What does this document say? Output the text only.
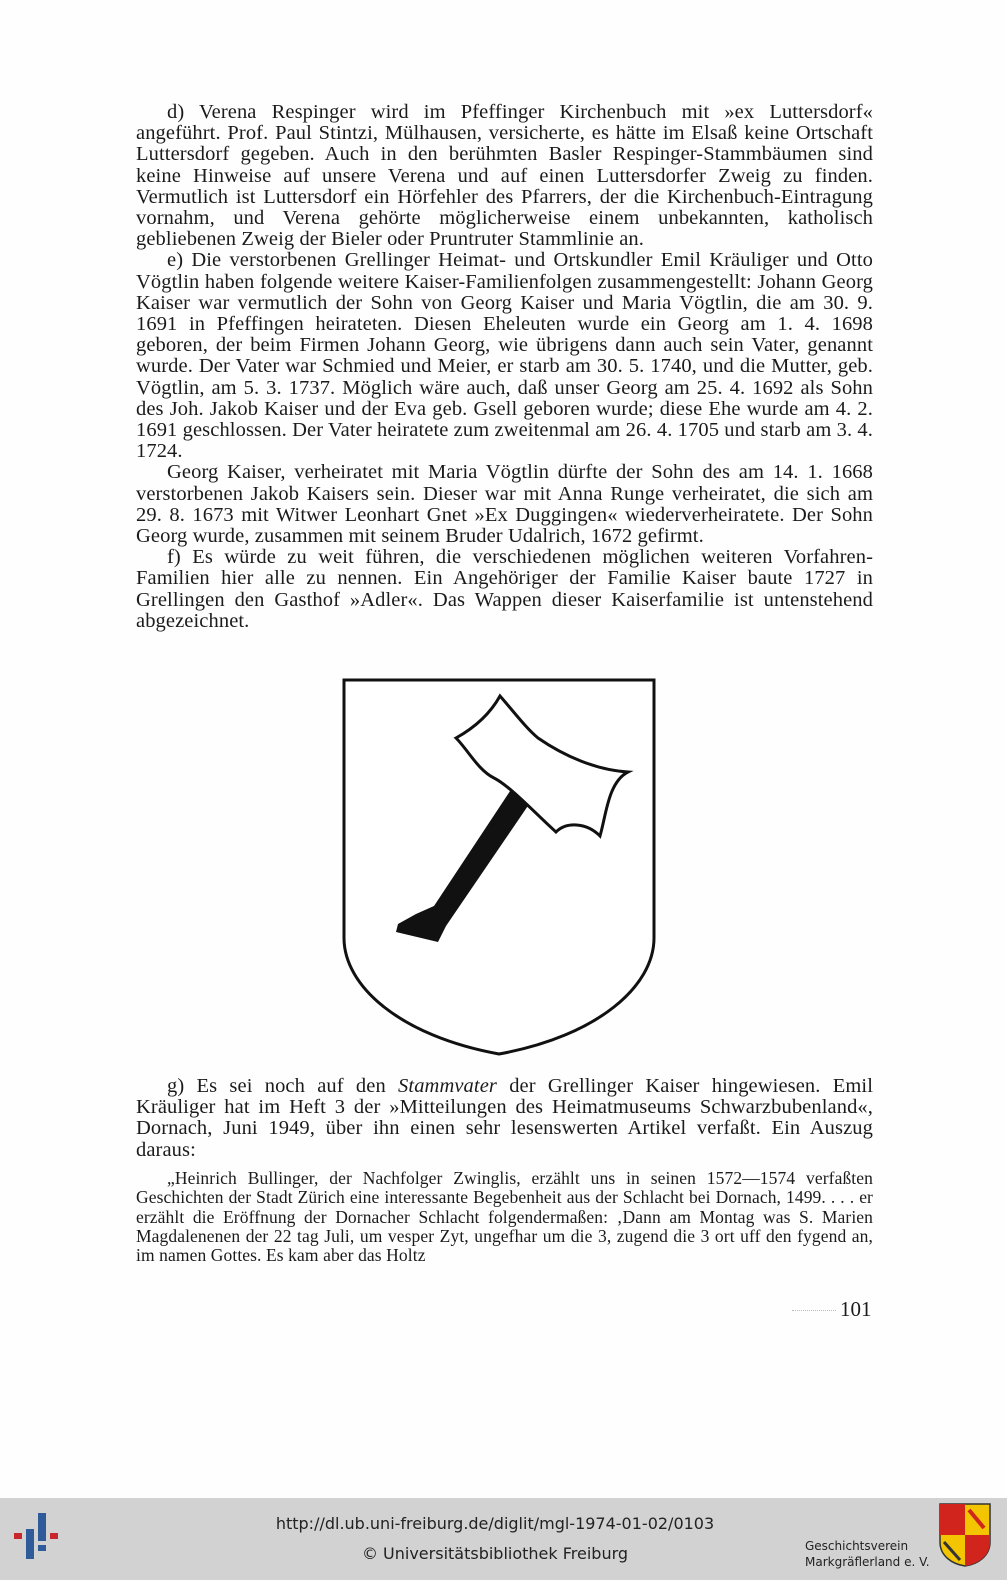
d) Verena Respinger wird im Pfeffinger Kirchenbuch mit »ex Luttersdorf« angeführt. Prof. Paul Stintzi, Mülhausen, versicherte, es hätte im Elsaß keine Ortschaft Luttersdorf gegeben. Auch in den berühmten Basler Respinger-Stammbäumen sind keine Hinweise auf unsere Verena und auf einen Luttersdorfer Zweig zu finden. Vermutlich ist Luttersdorf ein Hörfehler des Pfarrers, der die Kirchenbuch-Eintragung vornahm, und Verena gehörte möglicherweise einem unbekannten, katholisch gebliebenen Zweig der Bieler oder Pruntruter Stammlinie an.

e) Die verstorbenen Grellinger Heimat- und Ortskundler Emil Kräuliger und Otto Vögtlin haben folgende weitere Kaiser-Familienfolgen zusammengestellt: Johann Georg Kaiser war vermutlich der Sohn von Georg Kaiser und Maria Vögtlin, die am 30. 9. 1691 in Pfeffingen heirateten. Diesen Eheleuten wurde ein Georg am 1. 4. 1698 geboren, der beim Firmen Johann Georg, wie übrigens dann auch sein Vater, genannt wurde. Der Vater war Schmied und Meier, er starb am 30. 5. 1740, und die Mutter, geb. Vögtlin, am 5. 3. 1737. Möglich wäre auch, daß unser Georg am 25. 4. 1692 als Sohn des Joh. Jakob Kaiser und der Eva geb. Gsell geboren wurde; diese Ehe wurde am 4. 2. 1691 geschlossen. Der Vater heiratete zum zweitenmal am 26. 4. 1705 und starb am 3. 4. 1724.

Georg Kaiser, verheiratet mit Maria Vögtlin dürfte der Sohn des am 14. 1. 1668 verstorbenen Jakob Kaisers sein. Dieser war mit Anna Runge verheiratet, die sich am 29. 8. 1673 mit Witwer Leonhart Gnet »Ex Duggingen« wiederverheiratete. Der Sohn Georg wurde, zusammen mit seinem Bruder Udalrich, 1672 gefirmt.

f) Es würde zu weit führen, die verschiedenen möglichen weiteren Vorfahren-Familien hier alle zu nennen. Ein Angehöriger der Familie Kaiser baute 1727 in Grellingen den Gasthof »Adler«. Das Wappen dieser Kaiserfamilie ist untenstehend abgezeichnet.

g) Es sei noch auf den Stammvater der Grellinger Kaiser hingewiesen. Emil Kräuliger hat im Heft 3 der »Mitteilungen des Heimatmuseums Schwarzbubenland«, Dornach, Juni 1949, über ihn einen sehr lesenswerten Artikel verfaßt. Ein Auszug daraus:

„Heinrich Bullinger, der Nachfolger Zwinglis, erzählt uns in seinen 1572—1574 verfaßten Geschichten der Stadt Zürich eine interessante Begebenheit aus der Schlacht bei Dornach, 1499. . . . er erzählt die Eröffnung der Dornacher Schlacht folgendermaßen: ‚Dann am Montag was S. Marien Magdalenenen der 22 tag Juli, um vesper Zyt, ungefhar um die 3, zugend die 3 ort uff den fygend an, im namen Gottes. Es kam aber das Holtz

101
http://dl.ub.uni-freiburg.de/diglit/mgl-1974-01-02/0103
© Universitätsbibliothek Freiburg	Geschichtsverein
Markgräflerland e. V.
